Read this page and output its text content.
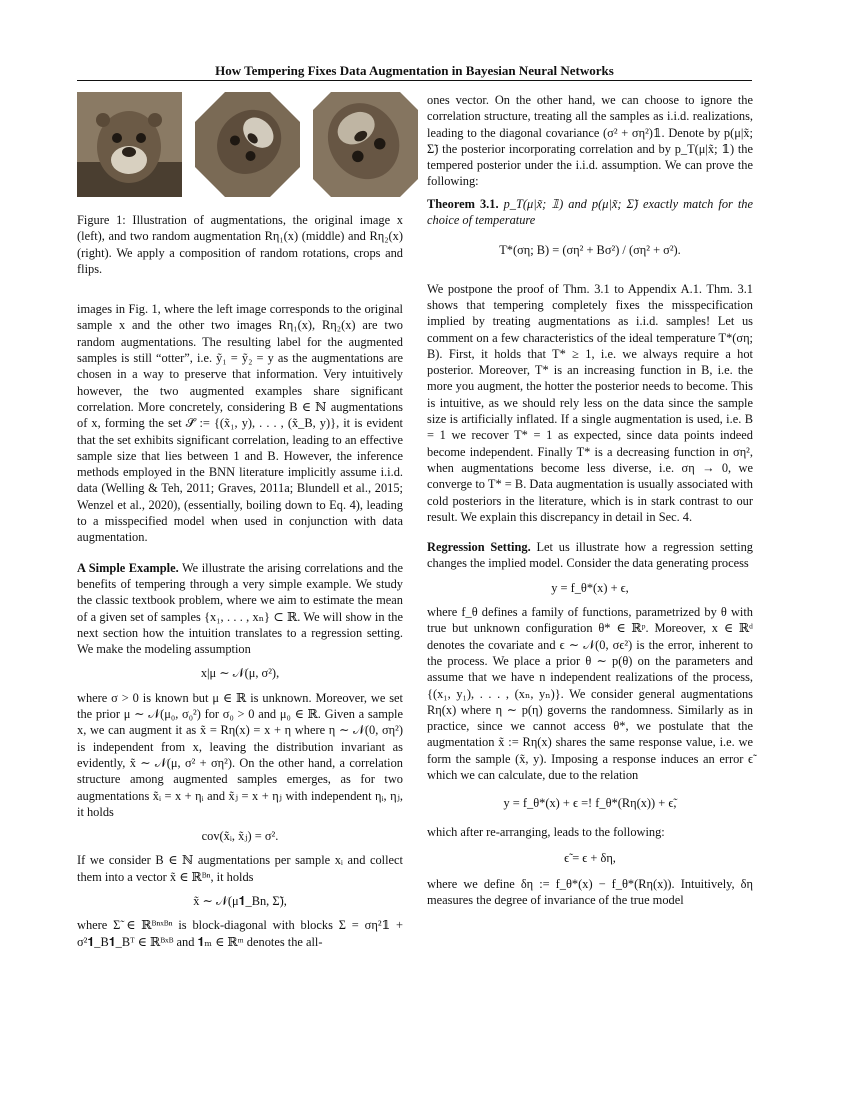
How Tempering Fixes Data Augmentation in Bayesian Neural Networks

Figure 1: Illustration of augmentations, the original image x (left), and two random augmentation Rη₁(x) (middle) and Rη₂(x) (right). We apply a composition of random rotations, crops and flips.

images in Fig. 1, where the left image corresponds to the original sample x and the other two images Rη₁(x), Rη₂(x) are two random augmentations. The resulting label for the augmented samples is still “otter”, i.e. ỹ₁ = ỹ₂ = y as the augmentations are chosen in a way to preserve that information. Very intuitively however, the two augmented examples share significant correlation. More concretely, considering B ∈ ℕ augmentations of x, forming the set 𝒮̃ := {(x̃₁, y), . . . , (x̃_B, y)}, it is evident that the set exhibits significant correlation, leading to an effective sample size that lies between 1 and B. However, the inference methods employed in the BNN literature implicitly assume i.i.d. data (Welling & Teh, 2011; Graves, 2011a; Blundell et al., 2015; Wenzel et al., 2020), (essentially, boiling down to Eq. 4), leading to a misspecified model when used in conjunction with data augmentation.

A Simple Example. We illustrate the arising correlations and the benefits of tempering through a very simple example. We study the classic textbook problem, where we aim to estimate the mean of a given set of samples {x₁, . . . , xₙ} ⊂ ℝ. We will show in the next section how the intuition translates to a regression setting. We make the modeling assumption

x|μ ∼ 𝒩(μ, σ²),

where σ > 0 is known but μ ∈ ℝ is unknown. Moreover, we set the prior μ ∼ 𝒩(μ₀, σ₀²) for σ₀ > 0 and μ₀ ∈ ℝ. Given a sample x, we can augment it as x̃ = Rη(x) = x + η where η ∼ 𝒩(0, ση²) is independent from x, leaving the distribution invariant as evidently, x̃ ∼ 𝒩(μ, σ² + ση²). On the other hand, a correlation structure among augmented samples emerges, as for two augmentations x̃ᵢ = x + ηᵢ and x̃ⱼ = x + ηⱼ with independent ηᵢ, ηⱼ, it holds

cov(x̃ᵢ, x̃ⱼ) = σ².

If we consider B ∈ ℕ augmentations per sample xᵢ and collect them into a vector x̃ ∈ ℝᴮⁿ, it holds

x̃ ∼ 𝒩(μ𝟏_Bn, Σ̃),

where Σ̃ ∈ ℝᴮⁿˣᴮⁿ is block-diagonal with blocks Σ = ση²𝟙 + σ²𝟏_B𝟏_Bᵀ ∈ ℝᴮˣᴮ and 𝟏ₘ ∈ ℝᵐ denotes the all-

ones vector. On the other hand, we can choose to ignore the correlation structure, treating all the samples as i.i.d. realizations, leading to the diagonal covariance (σ² + ση²)𝟙. Denote by p(μ|x̃; Σ̃) the posterior incorporating correlation and by p_T(μ|x̃; 𝟙) the tempered posterior under the i.i.d. assumption. We can prove the following:

Theorem 3.1. p_T(μ|x̃; 𝟙) and p(μ|x̃; Σ̃) exactly match for the choice of temperature

T*(ση; B) = (ση² + Bσ²) / (ση² + σ²).

We postpone the proof of Thm. 3.1 to Appendix A.1. Thm. 3.1 shows that tempering completely fixes the misspecification implied by treating augmentations as i.i.d. samples! Let us comment on a few characteristics of the ideal temperature T*(ση; B). First, it holds that T* ≥ 1, i.e. we always require a hot posterior. Moreover, T* is an increasing function in B, i.e. the more you augment, the hotter the posterior needs to become. This is intuitive, as we should rely less on the data since the sample size is artificially inflated. If a single augmentation is used, i.e. B = 1 we recover T* = 1 as expected, since data points indeed become independent. Finally T* is a decreasing function in ση², when augmentations become less diverse, i.e. ση → 0, we converge to T* = B. Data augmentation is usually associated with cold posteriors in the literature, which is in stark contrast to our result. We explain this discrepancy in detail in Sec. 4.

Regression Setting. Let us illustrate how a regression setting changes the implied model. Consider the data generating process

y = f_θ*(x) + ϵ,

where f_θ defines a family of functions, parametrized by θ with true but unknown configuration θ* ∈ ℝᵖ. Moreover, x ∈ ℝᵈ denotes the covariate and ϵ ∼ 𝒩(0, σϵ²) is the error, inherent to the process. We place a prior θ ∼ p(θ) on the parameters and assume that we have n independent realizations of the process, {(x₁, y₁), . . . , (xₙ, yₙ)}. We consider general augmentations Rη(x) where η ∼ p(η) governs the randomness. Similarly as in practice, since we cannot access θ*, we postulate that the augmentation x̃ := Rη(x) shares the same response value, i.e. we form the sample (x̃, y). Imposing a response induces an error ϵ̃ which we can calculate, due to the relation

y = f_θ*(x) + ϵ =! f_θ*(Rη(x)) + ϵ̃,

which after re-arranging, leads to the following:

ϵ̃ = ϵ + δη,

where we define δη := f_θ*(x) − f_θ*(Rη(x)). Intuitively, δη measures the degree of invariance of the true model
